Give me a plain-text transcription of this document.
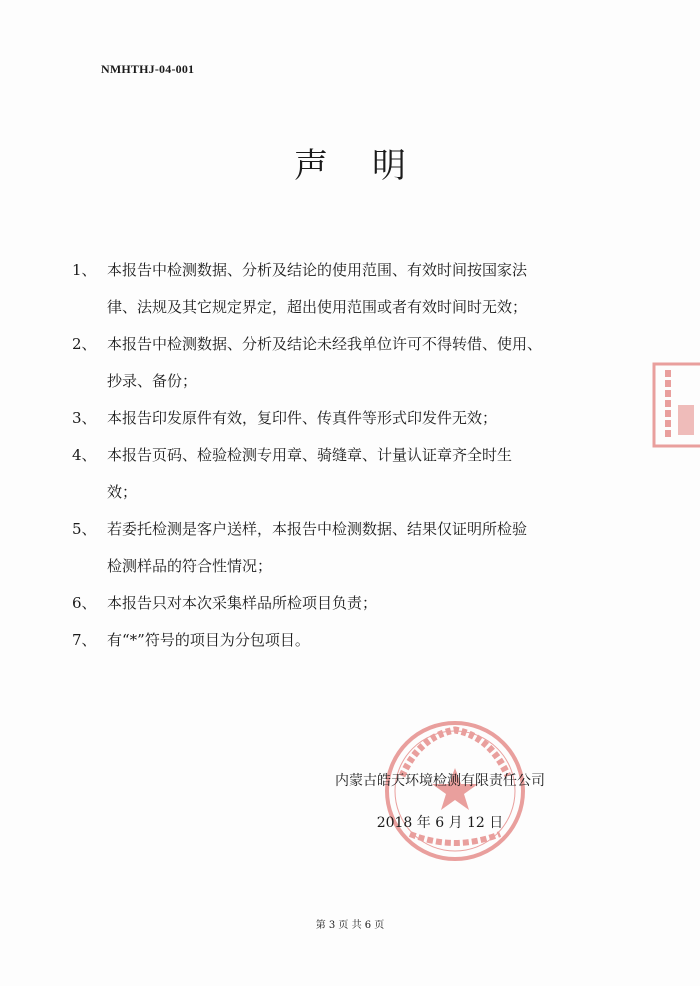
NMHTHJ-04-001
声明
1、 本报告中检测数据、分析及结论的使用范围、有效时间按国家法

律、法规及其它规定界定，超出使用范围或者有效时间时无效；

2、 本报告中检测数据、分析及结论未经我单位许可不得转借、使用、

抄录、备份；

3、 本报告印发原件有效，复印件、传真件等形式印发件无效；

4、 本报告页码、检验检测专用章、骑缝章、计量认证章齐全时生

效；

5、 若委托检测是客户送样，本报告中检测数据、结果仅证明所检验

检测样品的符合性情况；

6、 本报告只对本次采集样品所检项目负责；

7、 有“*”符号的项目为分包项目。

内蒙古皓天环境检测有限责任公司
2018 年 6 月 12 日
第 3 页 共 6 页
